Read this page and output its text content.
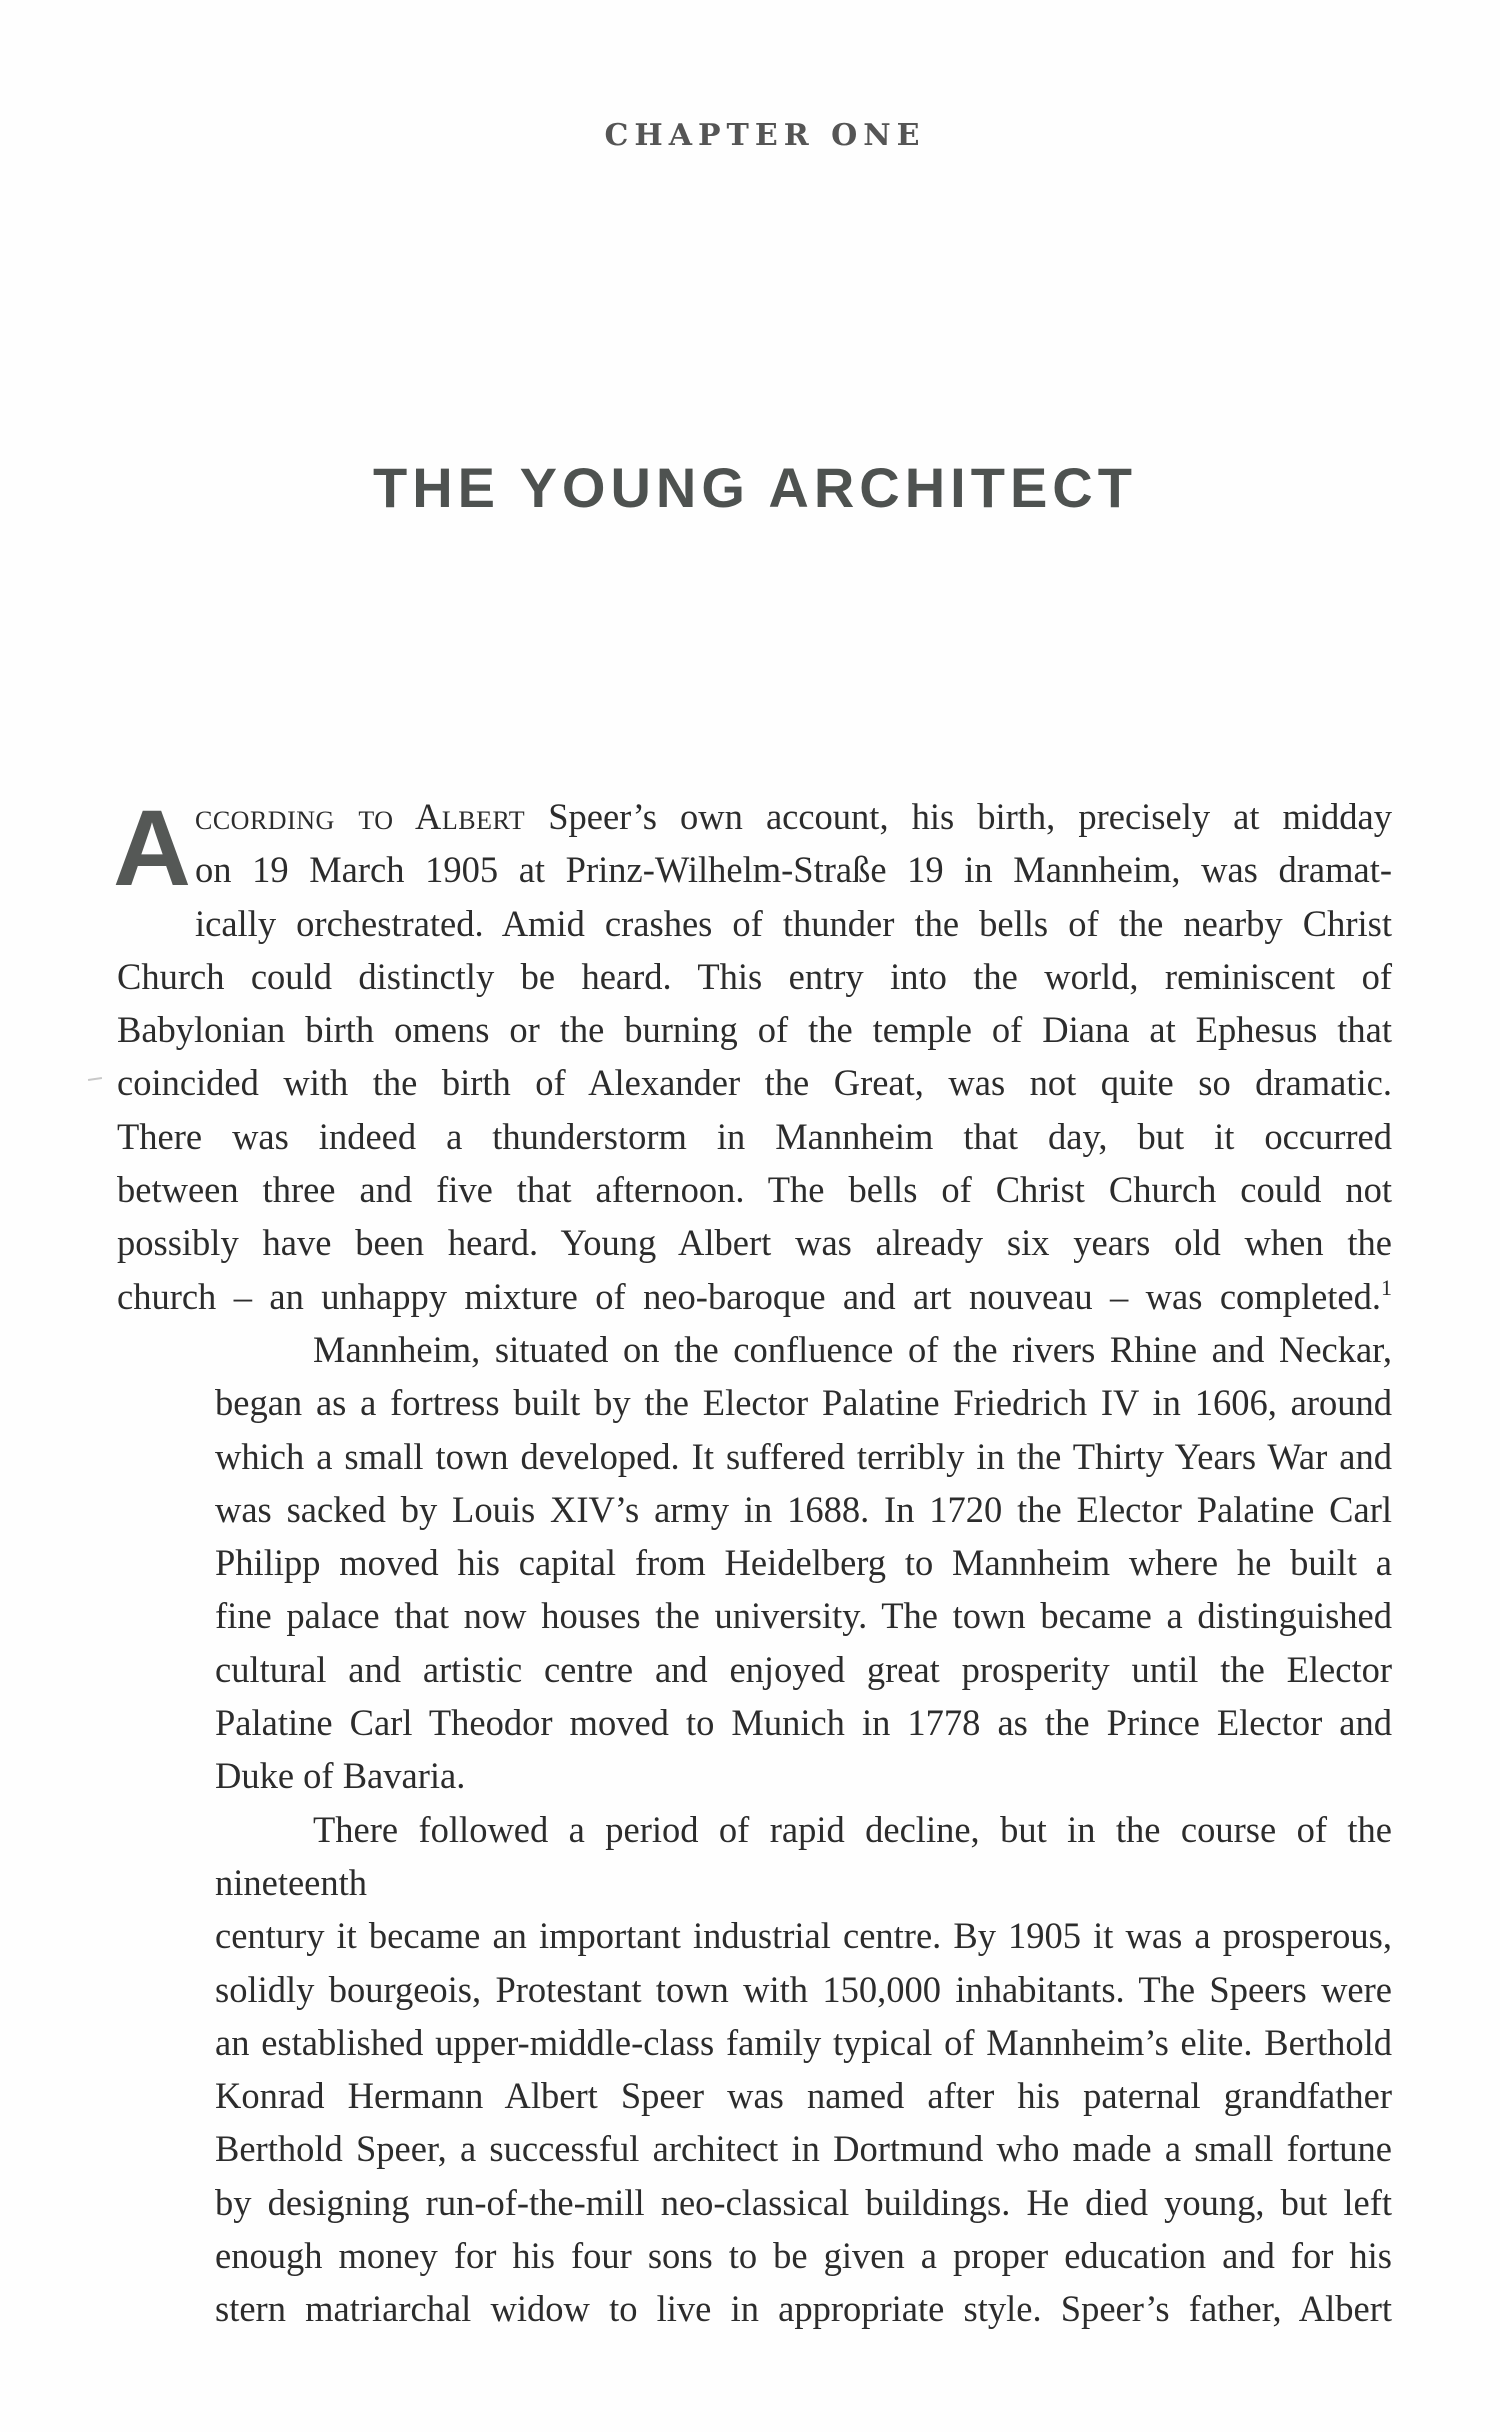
CHAPTER ONE
THE YOUNG ARCHITECT
A ccording to Albert Speer’s own account, his birth, precisely at midday
on 19 March 1905 at Prinz-Wilhelm-Straße 19 in Mannheim, was dramat-
ically orchestrated. Amid crashes of thunder the bells of the nearby Christ
Church could distinctly be heard. This entry into the world, reminiscent of
Babylonian birth omens or the burning of the temple of Diana at Ephesus that
coincided with the birth of Alexander the Great, was not quite so dramatic.
There was indeed a thunderstorm in Mannheim that day, but it occurred
between three and five that afternoon. The bells of Christ Church could not
possibly have been heard. Young Albert was already six years old when the
church – an unhappy mixture of neo-baroque and art nouveau – was completed.$^1$
Mannheim, situated on the confluence of the rivers Rhine and Neckar,
began as a fortress built by the Elector Palatine Friedrich IV in 1606, around
which a small town developed. It suffered terribly in the Thirty Years War and
was sacked by Louis XIV’s army in 1688. In 1720 the Elector Palatine Carl
Philipp moved his capital from Heidelberg to Mannheim where he built a
fine palace that now houses the university. The town became a distinguished
cultural and artistic centre and enjoyed great prosperity until the Elector
Palatine Carl Theodor moved to Munich in 1778 as the Prince Elector and
Duke of Bavaria.
There followed a period of rapid decline, but in the course of the nineteenth
century it became an important industrial centre. By 1905 it was a prosperous,
solidly bourgeois, Protestant town with 150,000 inhabitants. The Speers were
an established upper-middle-class family typical of Mannheim’s elite. Berthold
Konrad Hermann Albert Speer was named after his paternal grandfather
Berthold Speer, a successful architect in Dortmund who made a small fortune
by designing run-of-the-mill neo-classical buildings. He died young, but left
enough money for his four sons to be given a proper education and for his
stern matriarchal widow to live in appropriate style. Speer’s father, Albert
